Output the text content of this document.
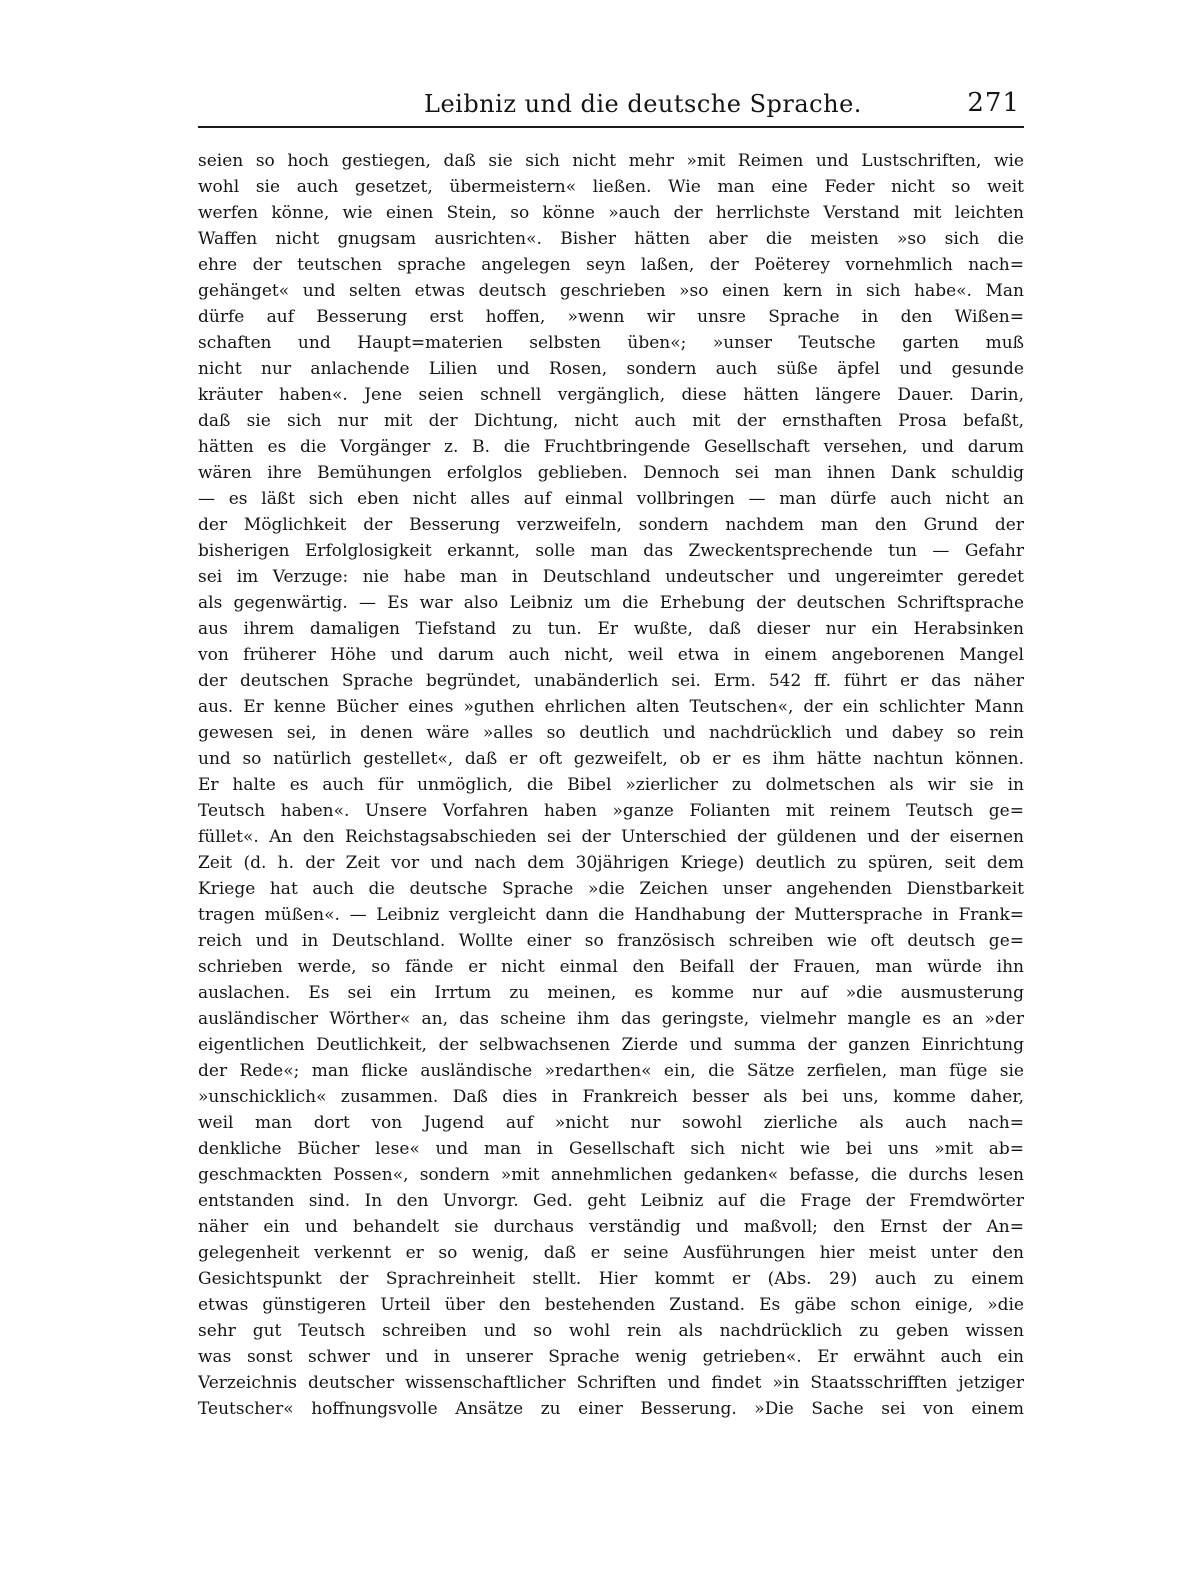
Leibniz und die deutsche Sprache.	271
seien so hoch gestiegen, daß sie sich nicht mehr »mit Reimen und Lustschriften, wie
wohl sie auch gesetzet, übermeistern« ließen. Wie man eine Feder nicht so weit
werfen könne, wie einen Stein, so könne »auch der herrlichste Verstand mit leichten
Waffen nicht gnugsam ausrichten«. Bisher hätten aber die meisten »so sich die
ehre der teutschen sprache angelegen seyn laßen, der Poëterey vornehmlich nach=
gehänget« und selten etwas deutsch geschrieben »so einen kern in sich habe«. Man
dürfe auf Besserung erst hoffen, »wenn wir unsre Sprache in den Wißen=
schaften und Haupt=materien selbsten üben«; »unser Teutsche garten muß
nicht nur anlachende Lilien und Rosen, sondern auch süße äpfel und gesunde
kräuter haben«. Jene seien schnell vergänglich, diese hätten längere Dauer. Darin,
daß sie sich nur mit der Dichtung, nicht auch mit der ernsthaften Prosa befaßt,
hätten es die Vorgänger z. B. die Fruchtbringende Gesellschaft versehen, und darum
wären ihre Bemühungen erfolglos geblieben. Dennoch sei man ihnen Dank schuldig
— es läßt sich eben nicht alles auf einmal vollbringen — man dürfe auch nicht an
der Möglichkeit der Besserung verzweifeln, sondern nachdem man den Grund der
bisherigen Erfolglosigkeit erkannt, solle man das Zweckentsprechende tun — Gefahr
sei im Verzuge: nie habe man in Deutschland undeutscher und ungereimter geredet
als gegenwärtig. — Es war also Leibniz um die Erhebung der deutschen Schriftsprache
aus ihrem damaligen Tiefstand zu tun. Er wußte, daß dieser nur ein Herabsinken
von früherer Höhe und darum auch nicht, weil etwa in einem angeborenen Mangel
der deutschen Sprache begründet, unabänderlich sei. Erm. 542 ff. führt er das näher
aus. Er kenne Bücher eines »guthen ehrlichen alten Teutschen«, der ein schlichter Mann
gewesen sei, in denen wäre »alles so deutlich und nachdrücklich und dabey so rein
und so natürlich gestellet«, daß er oft gezweifelt, ob er es ihm hätte nachtun können.
Er halte es auch für unmöglich, die Bibel »zierlicher zu dolmetschen als wir sie in
Teutsch haben«. Unsere Vorfahren haben »ganze Folianten mit reinem Teutsch ge=
füllet«. An den Reichstagsabschieden sei der Unterschied der güldenen und der eisernen
Zeit (d. h. der Zeit vor und nach dem 30jährigen Kriege) deutlich zu spüren, seit dem
Kriege hat auch die deutsche Sprache »die Zeichen unser angehenden Dienstbarkeit
tragen müßen«. — Leibniz vergleicht dann die Handhabung der Muttersprache in Frank=
reich und in Deutschland. Wollte einer so französisch schreiben wie oft deutsch ge=
schrieben werde, so fände er nicht einmal den Beifall der Frauen, man würde ihn
auslachen. Es sei ein Irrtum zu meinen, es komme nur auf »die ausmusterung
ausländischer Wörther« an, das scheine ihm das geringste, vielmehr mangle es an »der
eigentlichen Deutlichkeit, der selbwachsenen Zierde und summa der ganzen Einrichtung
der Rede«; man flicke ausländische »redarthen« ein, die Sätze zerfielen, man füge sie
»unschicklich« zusammen. Daß dies in Frankreich besser als bei uns, komme daher,
weil man dort von Jugend auf »nicht nur sowohl zierliche als auch nach=
denkliche Bücher lese« und man in Gesellschaft sich nicht wie bei uns »mit ab=
geschmackten Possen«, sondern »mit annehmlichen gedanken« befasse, die durchs lesen
entstanden sind. In den Unvorgr. Ged. geht Leibniz auf die Frage der Fremdwörter
näher ein und behandelt sie durchaus verständig und maßvoll; den Ernst der An=
gelegenheit verkennt er so wenig, daß er seine Ausführungen hier meist unter den
Gesichtspunkt der Sprachreinheit stellt. Hier kommt er (Abs. 29) auch zu einem
etwas günstigeren Urteil über den bestehenden Zustand. Es gäbe schon einige, »die
sehr gut Teutsch schreiben und so wohl rein als nachdrücklich zu geben wissen
was sonst schwer und in unserer Sprache wenig getrieben«. Er erwähnt auch ein
Verzeichnis deutscher wissenschaftlicher Schriften und findet »in Staatsschrifften jetziger
Teutscher« hoffnungsvolle Ansätze zu einer Besserung. »Die Sache sei von einem
